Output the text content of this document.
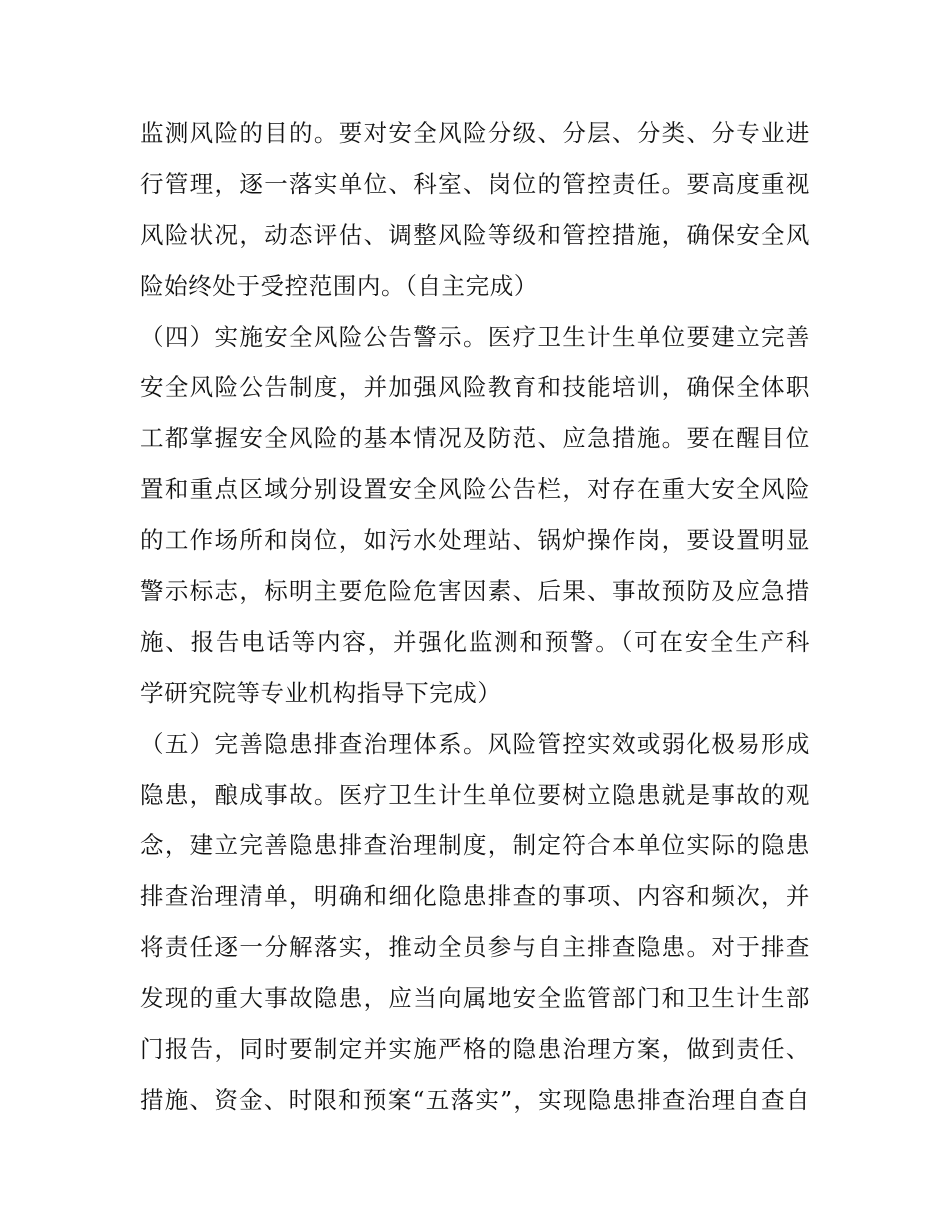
监测风险的目的。要对安全风险分级、分层、分类、分专业进
行管理，逐一落实单位、科室、岗位的管控责任。要高度重视
风险状况，动态评估、调整风险等级和管控措施，确保安全风
险始终处于受控范围内。（自主完成）
（四）实施安全风险公告警示。医疗卫生计生单位要建立完善
安全风险公告制度，并加强风险教育和技能培训，确保全体职
工都掌握安全风险的基本情况及防范、应急措施。要在醒目位
置和重点区域分别设置安全风险公告栏，对存在重大安全风险
的工作场所和岗位，如污水处理站、锅炉操作岗，要设置明显
警示标志，标明主要危险危害因素、后果、事故预防及应急措
施、报告电话等内容，并强化监测和预警。（可在安全生产科
学研究院等专业机构指导下完成）
（五）完善隐患排查治理体系。风险管控实效或弱化极易形成
隐患，酿成事故。医疗卫生计生单位要树立隐患就是事故的观
念，建立完善隐患排查治理制度，制定符合本单位实际的隐患
排查治理清单，明确和细化隐患排查的事项、内容和频次，并
将责任逐一分解落实，推动全员参与自主排查隐患。对于排查
发现的重大事故隐患，应当向属地安全监管部门和卫生计生部
门报告，同时要制定并实施严格的隐患治理方案，做到责任、
措施、资金、时限和预案“五落实”，实现隐患排查治理自查自
